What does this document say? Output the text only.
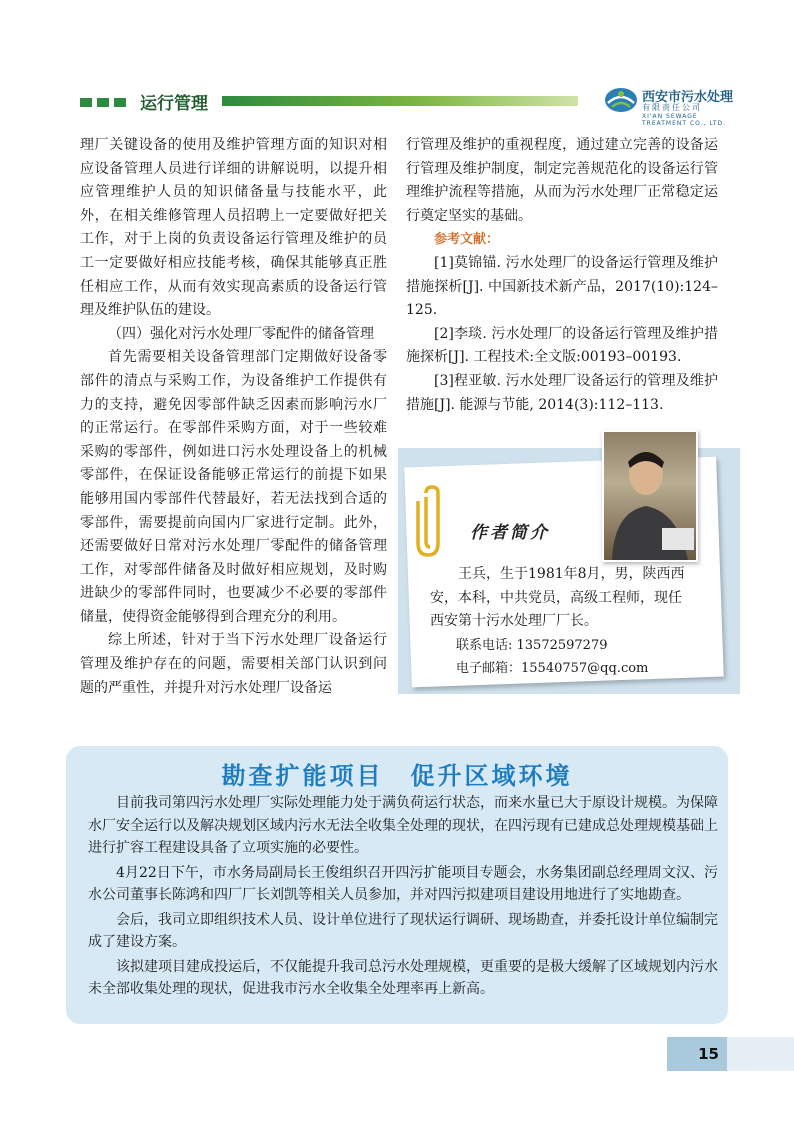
运行管理	西安市污水处理
有限责任公司
XI'AN SEWAGE
TREATMENT CO., LTD.

理厂关键设备的使用及维护管理方面的知识对相应设备管理人员进行详细的讲解说明，以提升相应管理维护人员的知识储备量与技能水平，此外，在相关维修管理人员招聘上一定要做好把关工作，对于上岗的负责设备运行管理及维护的员工一定要做好相应技能考核，确保其能够真正胜任相应工作，从而有效实现高素质的设备运行管理及维护队伍的建设。

（四）强化对污水处理厂零配件的储备管理

首先需要相关设备管理部门定期做好设备零部件的清点与采购工作，为设备维护工作提供有力的支持，避免因零部件缺乏因素而影响污水厂的正常运行。在零部件采购方面，对于一些较难采购的零部件，例如进口污水处理设备上的机械零部件，在保证设备能够正常运行的前提下如果能够用国内零部件代替最好，若无法找到合适的零部件，需要提前向国内厂家进行定制。此外，还需要做好日常对污水处理厂零配件的储备管理工作，对零部件储备及时做好相应规划，及时购进缺少的零部件同时，也要减少不必要的零部件储量，使得资金能够得到合理充分的利用。

综上所述，针对于当下污水处理厂设备运行管理及维护存在的问题，需要相关部门认识到问题的严重性，并提升对污水处理厂设备运

行管理及维护的重视程度，通过建立完善的设备运行管理及维护制度，制定完善规范化的设备运行管理维护流程等措施，从而为污水处理厂正常稳定运行奠定坚实的基础。

参考文献：

[1]莫锦锚. 污水处理厂的设备运行管理及维护措施探析[J]. 中国新技术新产品，2017(10):124–125.

[2]李琰. 污水处理厂的设备运行管理及维护措施探析[J]. 工程技术:全文版:00193–00193.

[3]程亚敏. 污水处理厂设备运行的管理及维护措施[J]. 能源与节能, 2014(3):112–113.

作者简介

王兵，生于1981年8月，男，陕西西安，本科，中共党员，高级工程师，现任西安第十污水处理厂厂长。

联系电话: 13572597279

电子邮箱：15540757@qq.com

勘查扩能项目　促升区域环境

目前我司第四污水处理厂实际处理能力处于满负荷运行状态，而来水量已大于原设计规模。为保障水厂安全运行以及解决规划区域内污水无法全收集全处理的现状，在四污现有已建成总处理规模基础上进行扩容工程建设具备了立项实施的必要性。

4月22日下午，市水务局副局长王俊组织召开四污扩能项目专题会，水务集团副总经理周文汉、污水公司董事长陈鸿和四厂厂长刘凯等相关人员参加，并对四污拟建项目建设用地进行了实地勘查。

会后，我司立即组织技术人员、设计单位进行了现状运行调研、现场勘查，并委托设计单位编制完成了建设方案。

该拟建项目建成投运后，不仅能提升我司总污水处理规模，更重要的是极大缓解了区域规划内污水未全部收集处理的现状，促进我市污水全收集全处理率再上新高。

15
